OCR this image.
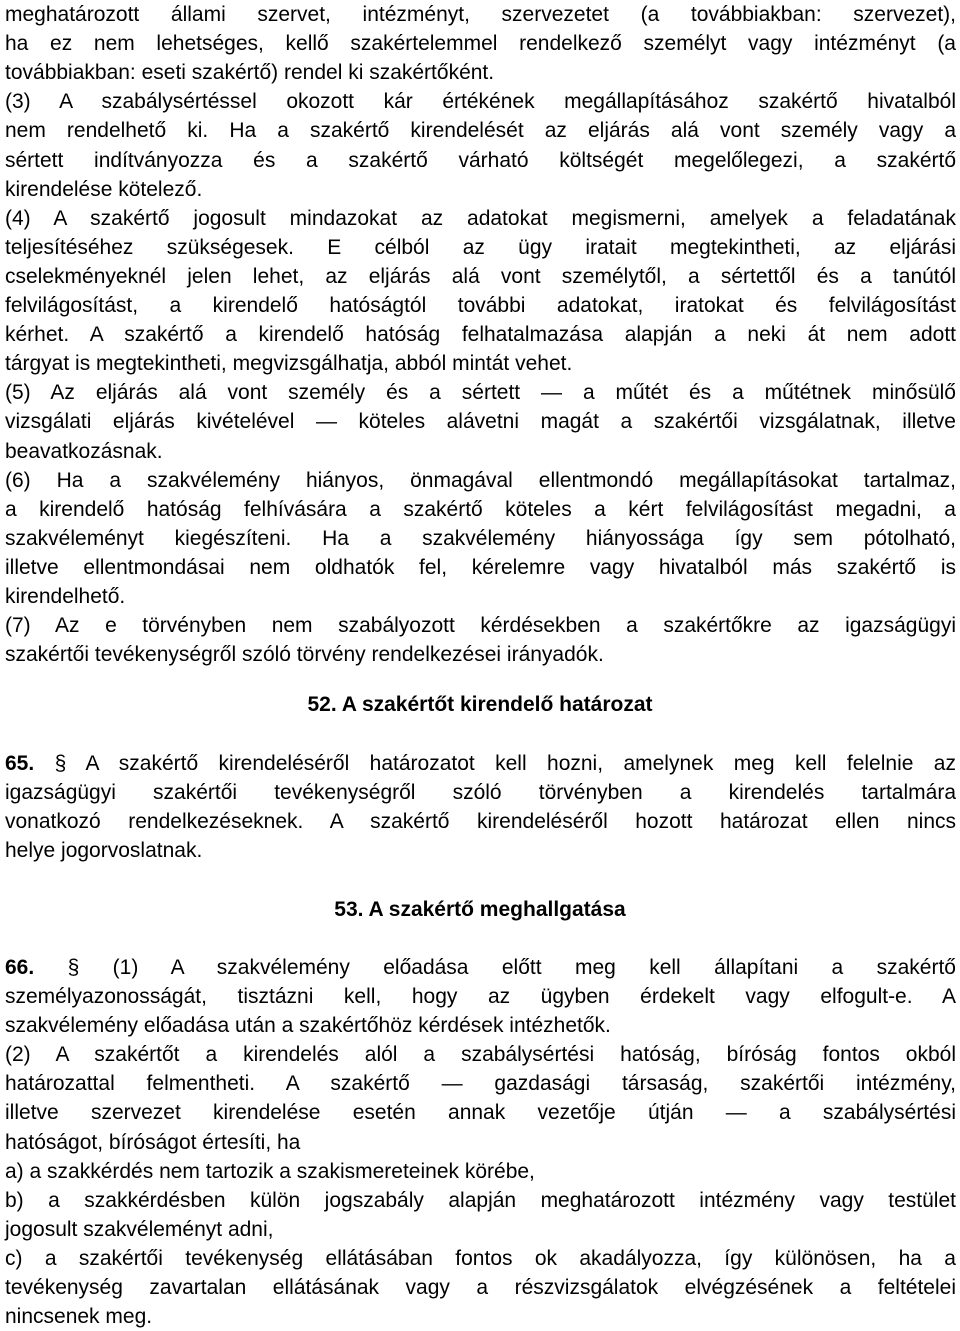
meghatározott állami szervet, intézményt, szervezetet (a továbbiakban: szervezet),
ha ez nem lehetséges, kellő szakértelemmel rendelkező személyt vagy intézményt (a
továbbiakban: eseti szakértő) rendel ki szakértőként.
(3) A szabálysértéssel okozott kár értékének megállapításához szakértő hivatalból
nem rendelhető ki. Ha a szakértő kirendelését az eljárás alá vont személy vagy a
sértett indítványozza és a szakértő várható költségét megelőlegezi, a szakértő
kirendelése kötelező.
(4) A szakértő jogosult mindazokat az adatokat megismerni, amelyek a feladatának
teljesítéséhez szükségesek. E célból az ügy iratait megtekintheti, az eljárási
cselekményeknél jelen lehet, az eljárás alá vont személytől, a sértettől és a tanútól
felvilágosítást, a kirendelő hatóságtól további adatokat, iratokat és felvilágosítást
kérhet. A szakértő a kirendelő hatóság felhatalmazása alapján a neki át nem adott
tárgyat is megtekintheti, megvizsgálhatja, abból mintát vehet.
(5) Az eljárás alá vont személy és a sértett — a műtét és a műtétnek minősülő
vizsgálati eljárás kivételével — köteles alávetni magát a szakértői vizsgálatnak, illetve
beavatkozásnak.
(6) Ha a szakvélemény hiányos, önmagával ellentmondó megállapításokat tartalmaz,
a kirendelő hatóság felhívására a szakértő köteles a kért felvilágosítást megadni, a
szakvéleményt kiegészíteni. Ha a szakvélemény hiányossága így sem pótolható,
illetve ellentmondásai nem oldhatók fel, kérelemre vagy hivatalból más szakértő is
kirendelhető.
(7) Az e törvényben nem szabályozott kérdésekben a szakértőkre az igazságügyi
szakértői tevékenységről szóló törvény rendelkezései irányadók.
52. A szakértőt kirendelő határozat
65. § A szakértő kirendeléséről határozatot kell hozni, amelynek meg kell felelnie az
igazságügyi szakértői tevékenységről szóló törvényben a kirendelés tartalmára
vonatkozó rendelkezéseknek. A szakértő kirendeléséről hozott határozat ellen nincs
helye jogorvoslatnak.
53. A szakértő meghallgatása
66. § (1) A szakvélemény előadása előtt meg kell állapítani a szakértő
személyazonosságát, tisztázni kell, hogy az ügyben érdekelt vagy elfogult-e. A
szakvélemény előadása után a szakértőhöz kérdések intézhetők.
(2) A szakértőt a kirendelés alól a szabálysértési hatóság, bíróság fontos okból
határozattal felmentheti. A szakértő — gazdasági társaság, szakértői intézmény,
illetve szervezet kirendelése esetén annak vezetője útján — a szabálysértési
hatóságot, bíróságot értesíti, ha
a) a szakkérdés nem tartozik a szakismereteinek körébe,
b) a szakkérdésben külön jogszabály alapján meghatározott intézmény vagy testület
jogosult szakvéleményt adni,
c) a szakértői tevékenység ellátásában fontos ok akadályozza, így különösen, ha a
tevékenység zavartalan ellátásának vagy a részvizsgálatok elvégzésének a feltételei
nincsenek meg.
